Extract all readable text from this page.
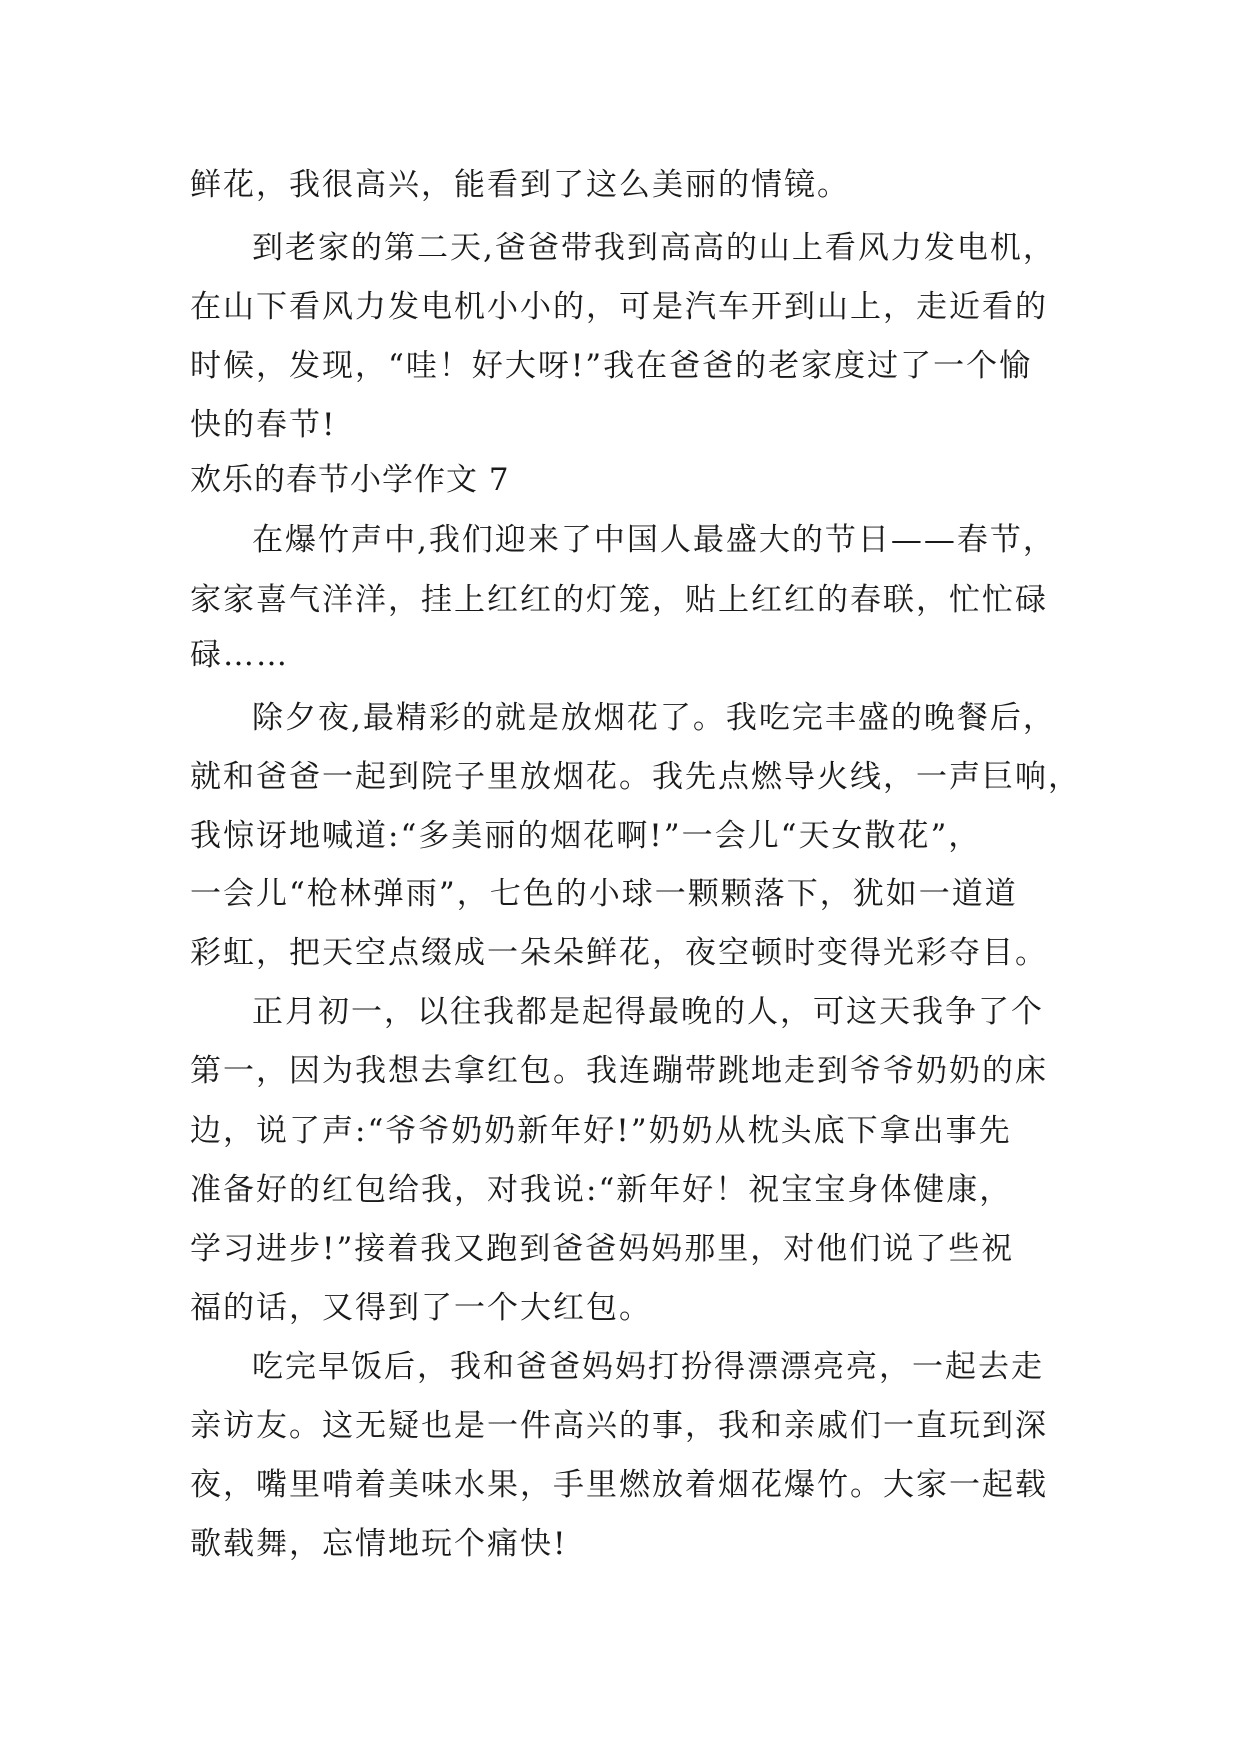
鲜花，我很高兴，能看到了这么美丽的情镜。
到老家的第二天,爸爸带我到高高的山上看风力发电机，
在山下看风力发电机小小的，可是汽车开到山上，走近看的
时候，发现，“哇！好大呀!”我在爸爸的老家度过了一个愉
快的春节!
欢乐的春节小学作文 7
在爆竹声中,我们迎来了中国人最盛大的节日——春节，
家家喜气洋洋，挂上红红的灯笼，贴上红红的春联，忙忙碌
碌……
除夕夜,最精彩的就是放烟花了。我吃完丰盛的晚餐后，
就和爸爸一起到院子里放烟花。我先点燃导火线，一声巨响，
我惊讶地喊道:“多美丽的烟花啊!”一会儿“天女散花”，
一会儿“枪林弹雨”，七色的小球一颗颗落下，犹如一道道
彩虹，把天空点缀成一朵朵鲜花，夜空顿时变得光彩夺目。
正月初一，以往我都是起得最晚的人，可这天我争了个
第一，因为我想去拿红包。我连蹦带跳地走到爷爷奶奶的床
边，说了声:“爷爷奶奶新年好!”奶奶从枕头底下拿出事先
准备好的红包给我，对我说:“新年好！祝宝宝身体健康，
学习进步!”接着我又跑到爸爸妈妈那里，对他们说了些祝
福的话，又得到了一个大红包。
吃完早饭后，我和爸爸妈妈打扮得漂漂亮亮，一起去走
亲访友。这无疑也是一件高兴的事，我和亲戚们一直玩到深
夜，嘴里啃着美味水果，手里燃放着烟花爆竹。大家一起载
歌载舞，忘情地玩个痛快!
